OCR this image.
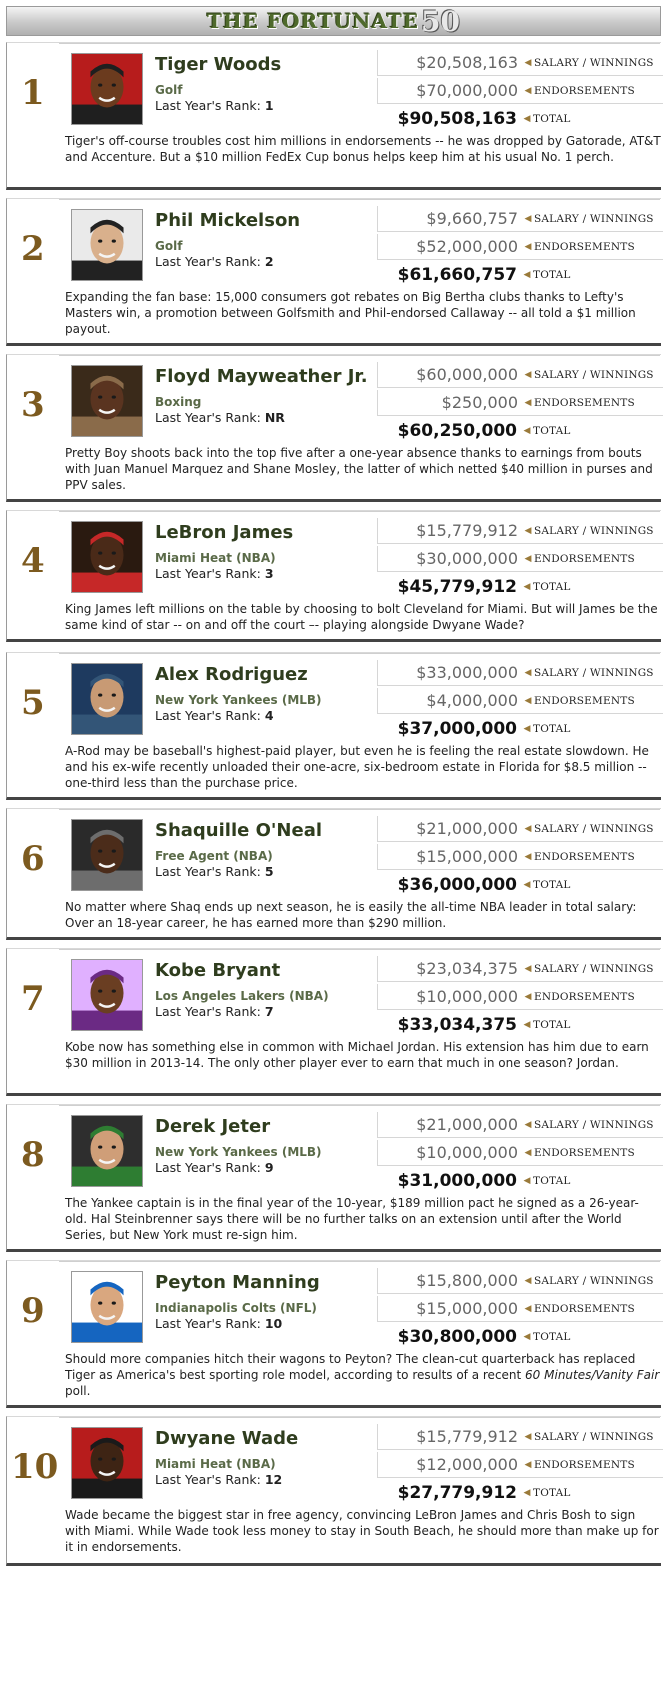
THE FORTUNATE 50
1
Tiger Woods
Golf
Last Year's Rank: 1
$20,508,163 ◀ SALARY / WINNINGS
$70,000,000 ◀ ENDORSEMENTS
$90,508,163 ◀ TOTAL
Tiger's off-course troubles cost him millions in endorsements -- he was dropped by Gatorade, AT&T and Accenture. But a $10 million FedEx Cup bonus helps keep him at his usual No. 1 perch.
2
Phil Mickelson
Golf
Last Year's Rank: 2
$9,660,757 ◀ SALARY / WINNINGS
$52,000,000 ◀ ENDORSEMENTS
$61,660,757 ◀ TOTAL
Expanding the fan base: 15,000 consumers got rebates on Big Bertha clubs thanks to Lefty's Masters win, a promotion between Golfsmith and Phil-endorsed Callaway -- all told a $1 million payout.
3
Floyd Mayweather Jr.
Boxing
Last Year's Rank: NR
$60,000,000 ◀ SALARY / WINNINGS
$250,000 ◀ ENDORSEMENTS
$60,250,000 ◀ TOTAL
Pretty Boy shoots back into the top five after a one-year absence thanks to earnings from bouts with Juan Manuel Marquez and Shane Mosley, the latter of which netted $40 million in purses and PPV sales.
4
LeBron James
Miami Heat (NBA)
Last Year's Rank: 3
$15,779,912 ◀ SALARY / WINNINGS
$30,000,000 ◀ ENDORSEMENTS
$45,779,912 ◀ TOTAL
King James left millions on the table by choosing to bolt Cleveland for Miami. But will James be the same kind of star -- on and off the court –- playing alongside Dwyane Wade?
5
Alex Rodriguez
New York Yankees (MLB)
Last Year's Rank: 4
$33,000,000 ◀ SALARY / WINNINGS
$4,000,000 ◀ ENDORSEMENTS
$37,000,000 ◀ TOTAL
A-Rod may be baseball's highest-paid player, but even he is feeling the real estate slowdown. He and his ex-wife recently unloaded their one-acre, six-bedroom estate in Florida for $8.5 million -- one-third less than the purchase price.
6
Shaquille O'Neal
Free Agent (NBA)
Last Year's Rank: 5
$21,000,000 ◀ SALARY / WINNINGS
$15,000,000 ◀ ENDORSEMENTS
$36,000,000 ◀ TOTAL
No matter where Shaq ends up next season, he is easily the all-time NBA leader in total salary: Over an 18-year career, he has earned more than $290 million.
7
Kobe Bryant
Los Angeles Lakers (NBA)
Last Year's Rank: 7
$23,034,375 ◀ SALARY / WINNINGS
$10,000,000 ◀ ENDORSEMENTS
$33,034,375 ◀ TOTAL
Kobe now has something else in common with Michael Jordan. His extension has him due to earn $30 million in 2013-14. The only other player ever to earn that much in one season? Jordan.
8
Derek Jeter
New York Yankees (MLB)
Last Year's Rank: 9
$21,000,000 ◀ SALARY / WINNINGS
$10,000,000 ◀ ENDORSEMENTS
$31,000,000 ◀ TOTAL
The Yankee captain is in the final year of the 10-year, $189 million pact he signed as a 26-year-old. Hal Steinbrenner says there will be no further talks on an extension until after the World Series, but New York must re-sign him.
9
Peyton Manning
Indianapolis Colts (NFL)
Last Year's Rank: 10
$15,800,000 ◀ SALARY / WINNINGS
$15,000,000 ◀ ENDORSEMENTS
$30,800,000 ◀ TOTAL
Should more companies hitch their wagons to Peyton? The clean-cut quarterback has replaced Tiger as America's best sporting role model, according to results of a recent 60 Minutes/Vanity Fair poll.
10
Dwyane Wade
Miami Heat (NBA)
Last Year's Rank: 12
$15,779,912 ◀ SALARY / WINNINGS
$12,000,000 ◀ ENDORSEMENTS
$27,779,912 ◀ TOTAL
Wade became the biggest star in free agency, convincing LeBron James and Chris Bosh to sign with Miami. While Wade took less money to stay in South Beach, he should more than make up for it in endorsements.
